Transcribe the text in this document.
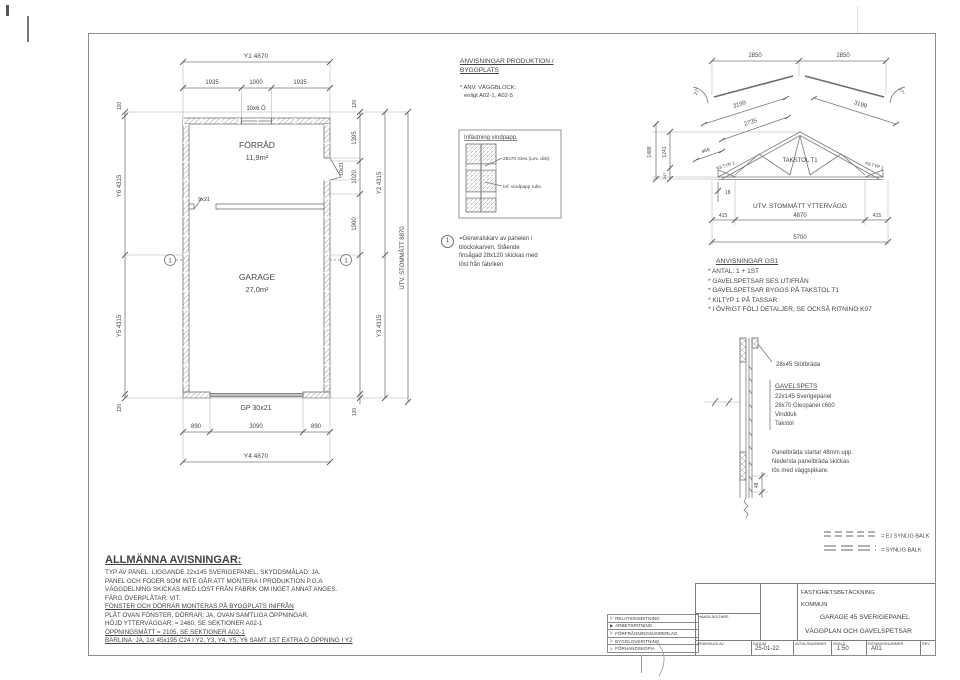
Y1 4870
1935	1000	1935
10x6 Ö
120
Y6 4315
Y5 4315
120
120
1395
1020
1900
10x21
Y2 4315
Y3 4315
120
UTV. STOMMÅTT 8870
890	3090	890
Y4 4870
GP 30x21
9x21
FÖRRÅD
11,9m²
GARAGE
27,0m²
1	1
2850	2850
27°	27°
3199	3199
2735
466
1488 1241
247
18
TAKSTOL T1
KILTYP 1	KILTYP 1
UTV. STOMMÅTT YTTERVÄGG
415	4870	415
5700
ANVISNINGAR PRODUKTION /
BYGGPLATS
* ANV. VÄGGBLOCK:
enligt A02-1, A02-5
Infästning vindpapp.
28x70 Gles.(Lev. dist)
Inf. vindpapp rulle.
1	=Generalskarv av panelen i
blockskarven. Stående
finsågad 28x120 skickas med
löst från fabriken	ANVISNINGAR GS1
* ANTAL: 1 + 1ST
* GAVELSPETSAR SES UTIFRÅN
* GAVELSPETSAR BYGGS PÅ TAKSTOL T1
* KILTYP 1 PÅ TASSAR
* I ÖVRIGT FÖLJ DETALJER, SE OCKSÅ RITNING K07
28x45 Stötbräda
GAVELSPETS
22x145 Sverigepanel
28x70 Glespanel c600
Vindduk
Takstol
Panelbräda startar 48mm upp.
Nedersta panelbräda skickas
lös med väggspikare.
48
= EJ SYNLIG BALK
= SYNLIG BALK
ALLMÄNNA AVISNINGAR:
TYP AV PANEL: LIGGANDE 22x145 SVERIGEPANEL, SKYDDSMÅLAD: JA.
PANEL OCH FODER SOM INTE GÅR ATT MONTERA I PRODUKTION P.G.A
VÄGGDELNING SKICKAS MED LÖST FRÅN FABRIK OM INGET ANNAT ANGES.
FÄRG ÖVERPLÅTAR: VIT.
FÖNSTER OCH DÖRRAR MONTERAS PÅ BYGGPLATS INIFRÅN
PLÅT OVAN FÖNSTER, DÖRRAR: JA, OVAN SAMTLIGA ÖPPNINGAR.
HÖJD YTTERVÄGGAR: = 2460, SE SEKTIONER A02-1
ÖPPNINGSMÅTT = 2105, SE SEKTIONER A02-1
BÄRLINA: JA, 1st 45x195 C24 I Y2, Y3, Y4, Y5, Y6 SAMT 1ST EXTRA Ö ÖPPNING I Y2
▷ RELATIONSRITNING
▶ ARBETSRITNING
▷ FÖRFRÅGNINGSUNDERLAG
▷ BYGGLOVSRITNING
▷ FÖRHANDSKOPIA
HANDLÄGGARE
FASTIGHETSBETÄCKNING
KOMMUN
GARAGE 45 SVERIGEPANEL
VÄGGPLAN OCH GAVELSPETSAR
GRANSKAD AV	DATUM	AVTALSNUMMER SKALA	RITNINGSNUMMER	REV
25-01-22	1:50	A01
